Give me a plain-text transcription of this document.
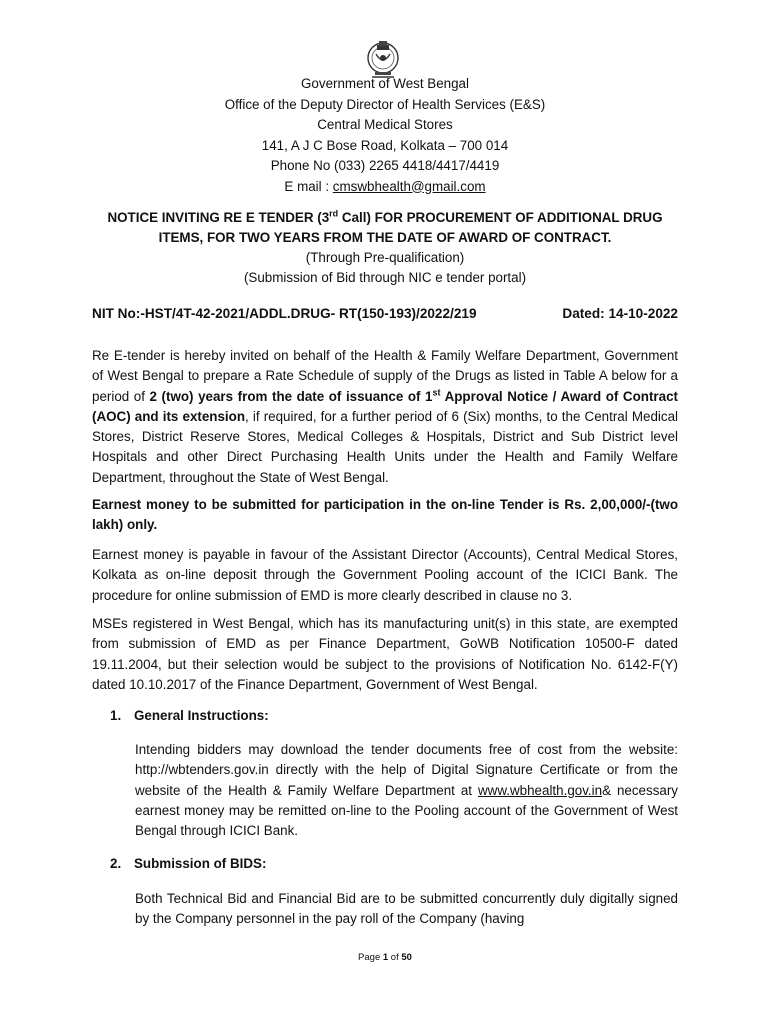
Government of West Bengal
Office of the Deputy Director of Health Services (E&S)
Central Medical Stores
141, A J C Bose Road, Kolkata – 700 014
Phone No (033) 2265 4418/4417/4419
E mail : cmswbhealth@gmail.com
NOTICE INVITING RE E TENDER (3rd Call) FOR PROCUREMENT OF ADDITIONAL DRUG ITEMS, FOR TWO YEARS FROM THE DATE OF AWARD OF CONTRACT.
(Through Pre-qualification)
(Submission of Bid through NIC e tender portal)
NIT No:-HST/4T-42-2021/ADDL.DRUG- RT(150-193)/2022/219	Dated: 14-10-2022
Re E-tender is hereby invited on behalf of the Health & Family Welfare Department, Government of West Bengal to prepare a Rate Schedule of supply of the Drugs as listed in Table A below for a period of 2 (two) years from the date of issuance of 1st Approval Notice / Award of Contract (AOC) and its extension, if required, for a further period of 6 (Six) months, to the Central Medical Stores, District Reserve Stores, Medical Colleges & Hospitals, District and Sub District level Hospitals and other Direct Purchasing Health Units under the Health and Family Welfare Department, throughout the State of West Bengal.
Earnest money to be submitted for participation in the on-line Tender is Rs. 2,00,000/-(two lakh) only.
Earnest money is payable in favour of the Assistant Director (Accounts), Central Medical Stores, Kolkata as on-line deposit through the Government Pooling account of the ICICI Bank. The procedure for online submission of EMD is more clearly described in clause no 3.
MSEs registered in West Bengal, which has its manufacturing unit(s) in this state, are exempted from submission of EMD as per Finance Department, GoWB Notification 10500-F dated 19.11.2004, but their selection would be subject to the provisions of Notification No. 6142-F(Y) dated 10.10.2017 of the Finance Department, Government of West Bengal.
1. General Instructions:
Intending bidders may download the tender documents free of cost from the website: http://wbtenders.gov.in directly with the help of Digital Signature Certificate or from the website of the Health & Family Welfare Department at www.wbhealth.gov.in& necessary earnest money may be remitted on-line to the Pooling account of the Government of West Bengal through ICICI Bank.
2. Submission of BIDS:
Both Technical Bid and Financial Bid are to be submitted concurrently duly digitally signed by the Company personnel in the pay roll of the Company (having
Page 1 of 50
